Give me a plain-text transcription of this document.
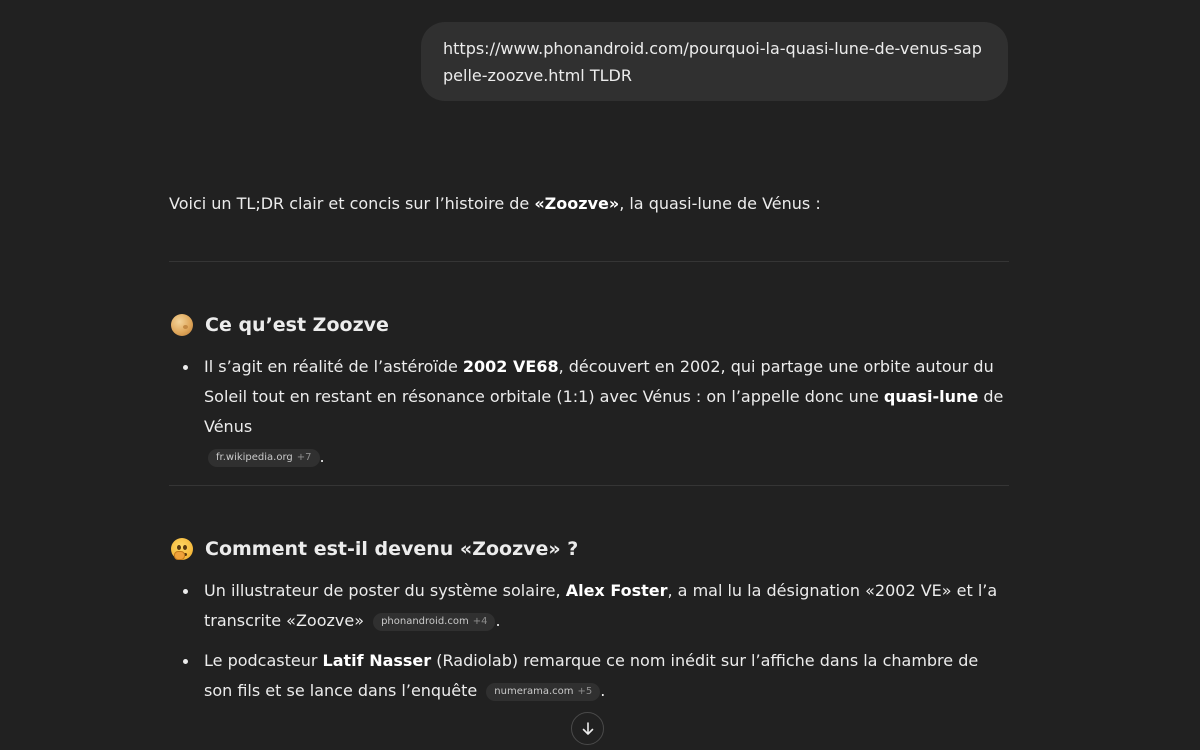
https://www.phonandroid.com/pourquoi-la-quasi-lune-de-venus-sappelle-zoozve.html TLDR
Voici un TL;DR clair et concis sur l’histoire de «Zoozve», la quasi-lune de Vénus :
Ce qu’est Zoozve
Il s’agit en réalité de l’astéroïde 2002 VE68, découvert en 2002, qui partage une orbite autour du Soleil tout en restant en résonance orbitale (1:1) avec Vénus : on l’appelle donc une quasi-lune de Vénus
fr.wikipedia.org +7 .
Comment est-il devenu «Zoozve» ?
Un illustrateur de poster du système solaire, Alex Foster, a mal lu la désignation «2002 VE» et l’a transcrite «Zoozve» phonandroid.com +4 .
Le podcasteur Latif Nasser (Radiolab) remarque ce nom inédit sur l’affiche dans la chambre de son fils et se lance dans l’enquête numerama.com +5 .
